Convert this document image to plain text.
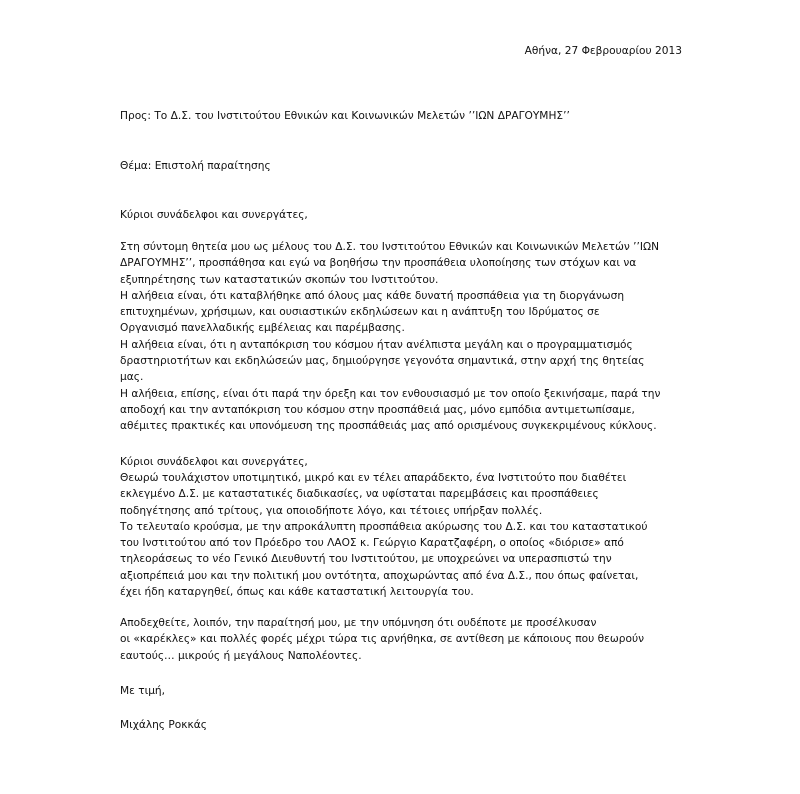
Αθήνα, 27 Φεβρουαρίου 2013
Προς: Το Δ.Σ. του Ινστιτούτου Εθνικών και Κοινωνικών Μελετών ’’ΙΩΝ ΔΡΑΓΟΥΜΗΣ’’
Θέμα: Επιστολή παραίτησης
Κύριοι συνάδελφοι και συνεργάτες,
Στη σύντομη θητεία μου ως μέλους του Δ.Σ. του Ινστιτούτου Εθνικών και Κοινωνικών Μελετών ’’ΙΩΝ
ΔΡΑΓΟΥΜΗΣ’’, προσπάθησα και εγώ να βοηθήσω την προσπάθεια υλοποίησης των στόχων και να
εξυπηρέτησης των καταστατικών σκοπών του Ινστιτούτου.
Η αλήθεια είναι, ότι καταβλήθηκε από όλους μας κάθε δυνατή προσπάθεια για τη διοργάνωση
επιτυχημένων, χρήσιμων, και ουσιαστικών εκδηλώσεων και η ανάπτυξη του Ιδρύματος σε
Οργανισμό πανελλαδικής εμβέλειας και παρέμβασης.
Η αλήθεια είναι, ότι η ανταπόκριση του κόσμου ήταν ανέλπιστα μεγάλη και ο προγραμματισμός
δραστηριοτήτων και εκδηλώσεών μας, δημιούργησε γεγονότα σημαντικά, στην αρχή της θητείας
μας.
Η αλήθεια, επίσης, είναι ότι παρά την όρεξη και τον ενθουσιασμό με τον οποίο ξεκινήσαμε, παρά την
αποδοχή και την ανταπόκριση του κόσμου στην προσπάθειά μας, μόνο εμπόδια αντιμετωπίσαμε,
αθέμιτες πρακτικές και υπονόμευση της προσπάθειάς μας από ορισμένους συγκεκριμένους κύκλους.
Κύριοι συνάδελφοι και συνεργάτες,
Θεωρώ τουλάχιστον υποτιμητικό, μικρό και εν τέλει απαράδεκτο, ένα Ινστιτούτο που διαθέτει
εκλεγμένο Δ.Σ. με καταστατικές διαδικασίες, να υφίσταται παρεμβάσεις και προσπάθειες
ποδηγέτησης από τρίτους, για οποιοδήποτε λόγο, και τέτοιες υπήρξαν πολλές.
Το τελευταίο κρούσμα, με την απροκάλυπτη προσπάθεια ακύρωσης του Δ.Σ. και του καταστατικού
του Ινστιτούτου από τον Πρόεδρο του ΛΑΟΣ κ. Γεώργιο Καρατζαφέρη, ο οποίος «διόρισε» από
τηλεοράσεως το νέο Γενικό Διευθυντή του Ινστιτούτου, με υποχρεώνει να υπερασπιστώ την
αξιοπρέπειά μου και την πολιτική μου οντότητα, αποχωρώντας από ένα Δ.Σ., που όπως φαίνεται,
έχει ήδη καταργηθεί, όπως και κάθε καταστατική λειτουργία του.
Αποδεχθείτε, λοιπόν, την παραίτησή μου, με την υπόμνηση ότι ουδέποτε με προσέλκυσαν
οι «καρέκλες» και πολλές φορές μέχρι τώρα τις αρνήθηκα, σε αντίθεση με κάποιους που θεωρούν
εαυτούς… μικρούς ή μεγάλους Ναπολέοντες.
Με τιμή,
Μιχάλης Ροκκάς
